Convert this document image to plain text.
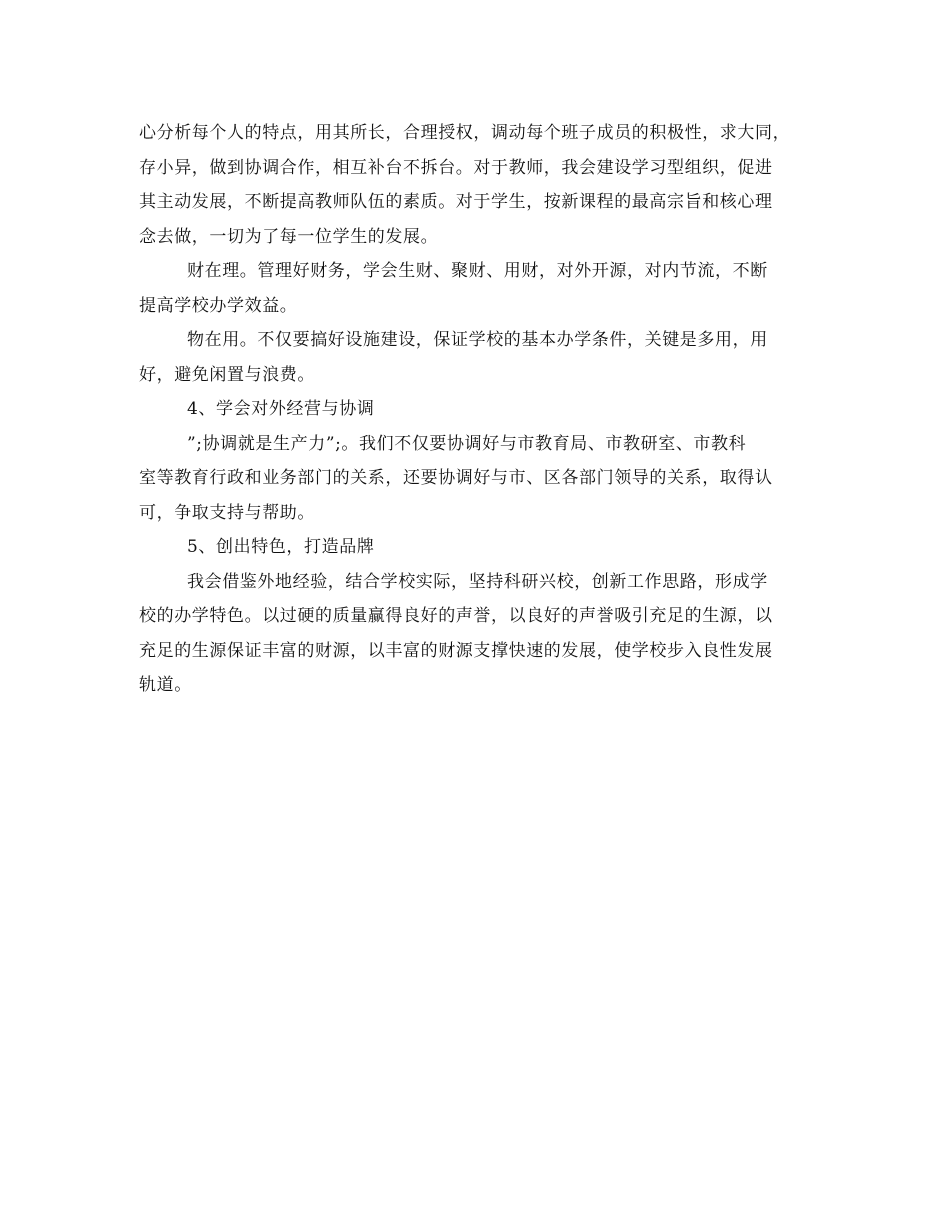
心分析每个人的特点，用其所长，合理授权，调动每个班子成员的积极性，求大同，
存小异，做到协调合作，相互补台不拆台。对于教师，我会建设学习型组织，促进
其主动发展，不断提高教师队伍的素质。对于学生，按新课程的最高宗旨和核心理
念去做，一切为了每一位学生的发展。

财在理。管理好财务，学会生财、聚财、用财，对外开源，对内节流，不断
提高学校办学效益。

物在用。不仅要搞好设施建设，保证学校的基本办学条件，关键是多用，用
好，避免闲置与浪费。

4、学会对外经营与协调

”;协调就是生产力”;。我们不仅要协调好与市教育局、市教研室、市教科
室等教育行政和业务部门的关系，还要协调好与市、区各部门领导的关系，取得认
可，争取支持与帮助。

5、创出特色，打造品牌

我会借鉴外地经验，结合学校实际，坚持科研兴校，创新工作思路，形成学
校的办学特色。以过硬的质量赢得良好的声誉，以良好的声誉吸引充足的生源，以
充足的生源保证丰富的财源，以丰富的财源支撑快速的发展，使学校步入良性发展
轨道。
